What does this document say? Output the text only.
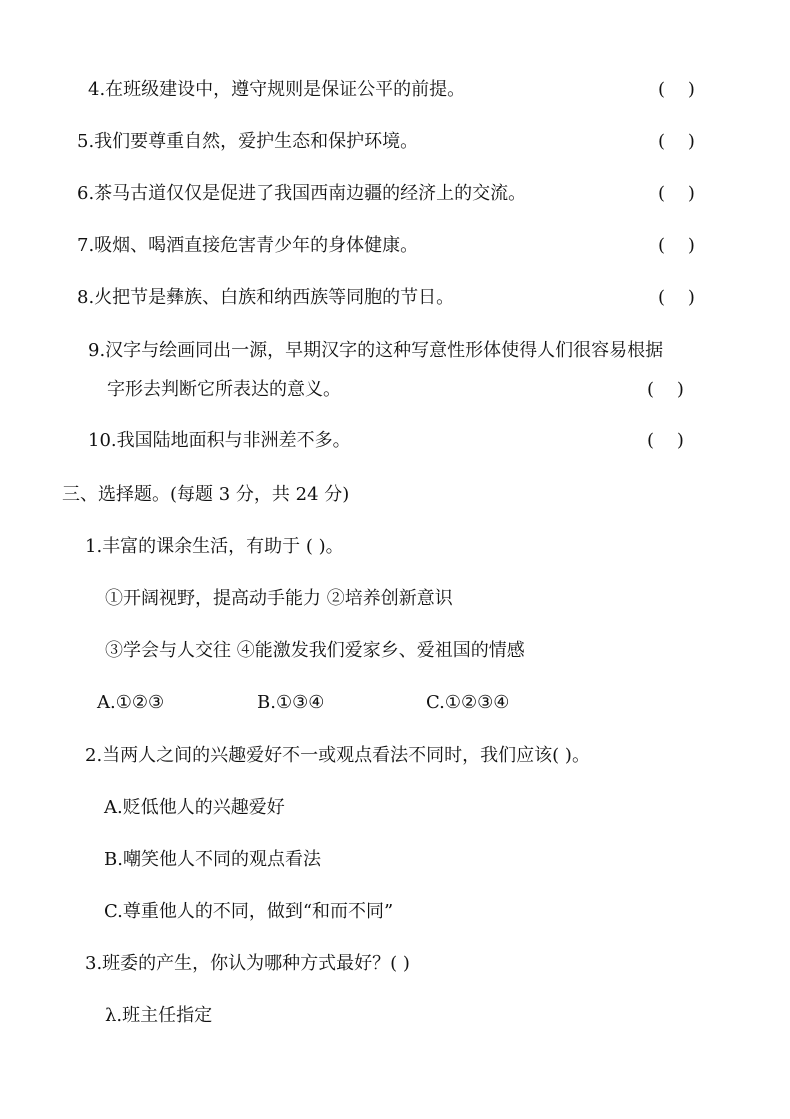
4.在班级建设中，遵守规则是保证公平的前提。	(    )
5.我们要尊重自然，爱护生态和保护环境。	(    )
6.茶马古道仅仅是促进了我国西南边疆的经济上的交流。	(    )
7.吸烟、喝酒直接危害青少年的身体健康。	(    )
8.火把节是彝族、白族和纳西族等同胞的节日。	(    )
9.汉字与绘画同出一源，早期汉字的这种写意性形体使得人们很容易根据
字形去判断它所表达的意义。	(    )
10.我国陆地面积与非洲差不多。	(    )
三、选择题。(每题 3 分，共 24 分)
1.丰富的课余生活，有助于 ( )。
①开阔视野，提高动手能力 ②培养创新意识
③学会与人交往 ④能激发我们爱家乡、爱祖国的情感
A.①②③	B.①③④	C.①②③④
2.当两人之间的兴趣爱好不一或观点看法不同时，我们应该( )。
A.贬低他人的兴趣爱好
B.嘲笑他人不同的观点看法
C.尊重他人的不同，做到“和而不同”
3.班委的产生，你认为哪种方式最好？( )
λ.班主任指定
